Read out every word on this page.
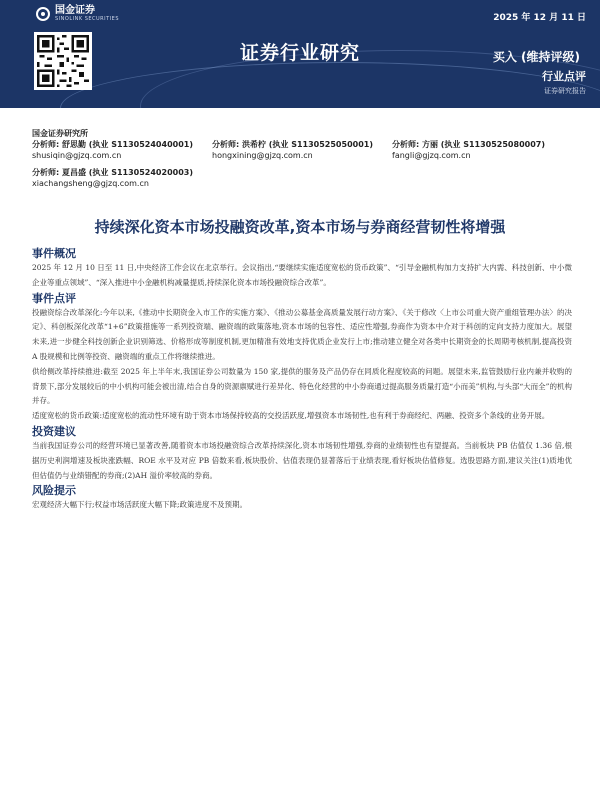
国金证券
SINOLINK SECURITIES	2025 年 12 月 11 日
证券行业研究	买入 (维持评级)
行业点评
证券研究报告
国金证券研究所
分析师: 舒思勤 (执业 S1130524040001)
shusiqin@gjzq.com.cn
分析师: 洪希柠 (执业 S1130525050001)
hongxining@gjzq.com.cn
分析师: 方丽 (执业 S1130525080007)
fangli@gjzq.com.cn
分析师: 夏昌盛 (执业 S1130524020003)
xiachangsheng@gjzq.com.cn
持续深化资本市场投融资改革,资本市场与券商经营韧性将增强
事件概况

2025 年 12 月 10 日至 11 日,中央经济工作会议在北京举行。会议指出,“要继续实施适度宽松的货币政策”、“引导金融机构加力支持扩大内需、科技创新、中小微企业等重点领域”、“深入推进中小金融机构减量提质,持续深化资本市场投融资综合改革”。

事件点评

投融资综合改革深化:今年以来,《推动中长期资金入市工作的实施方案》、《推动公募基金高质量发展行动方案》、《关于修改〈上市公司重大资产重组管理办法〉的决定》、科创板深化改革“1+6”政策措施等一系列投资端、融资端的政策落地,资本市场的包容性、适应性增强,券商作为资本中介对于科创的定向支持力度加大。展望未来,进一步健全科技创新企业识别筛选、价格形成等制度机制,更加精准有效地支持优质企业发行上市;推动建立健全对各类中长期资金的长周期考核机制,提高投资 A 股规模和比例等投资、融资端的重点工作将继续推进。

供给侧改革持续推进:截至 2025 年上半年末,我国证券公司数量为 150 家,提供的服务及产品仍存在同质化程度较高的问题。展望未来,监管鼓励行业内兼并收购的背景下,部分发展较后的中小机构可能会被出清,结合自身的资源禀赋进行差异化、特色化经营的中小券商通过提高服务质量打造“小而美”机构,与头部“大而全”的机构并存。

适度宽松的货币政策:适度宽松的流动性环境有助于资本市场保持较高的交投活跃度,增强资本市场韧性,也有利于券商经纪、两融、投资多个条线的业务开展。

投资建议

当前我国证券公司的经营环境已显著改善,随着资本市场投融资综合改革持续深化,资本市场韧性增强,券商的业绩韧性也有望提高。当前板块 PB 估值仅 1.36 倍,根据历史利润增速及板块涨跌幅、ROE 水平及对应 PB 倍数来看,板块股价、估值表现仍显著落后于业绩表现,看好板块估值修复。选股思路方面,建议关注(1)质地优但估值仍与业绩错配的券商;(2)AH 溢价率较高的券商。

风险提示

宏观经济大幅下行;权益市场活跃度大幅下降;政策进度不及预期。
